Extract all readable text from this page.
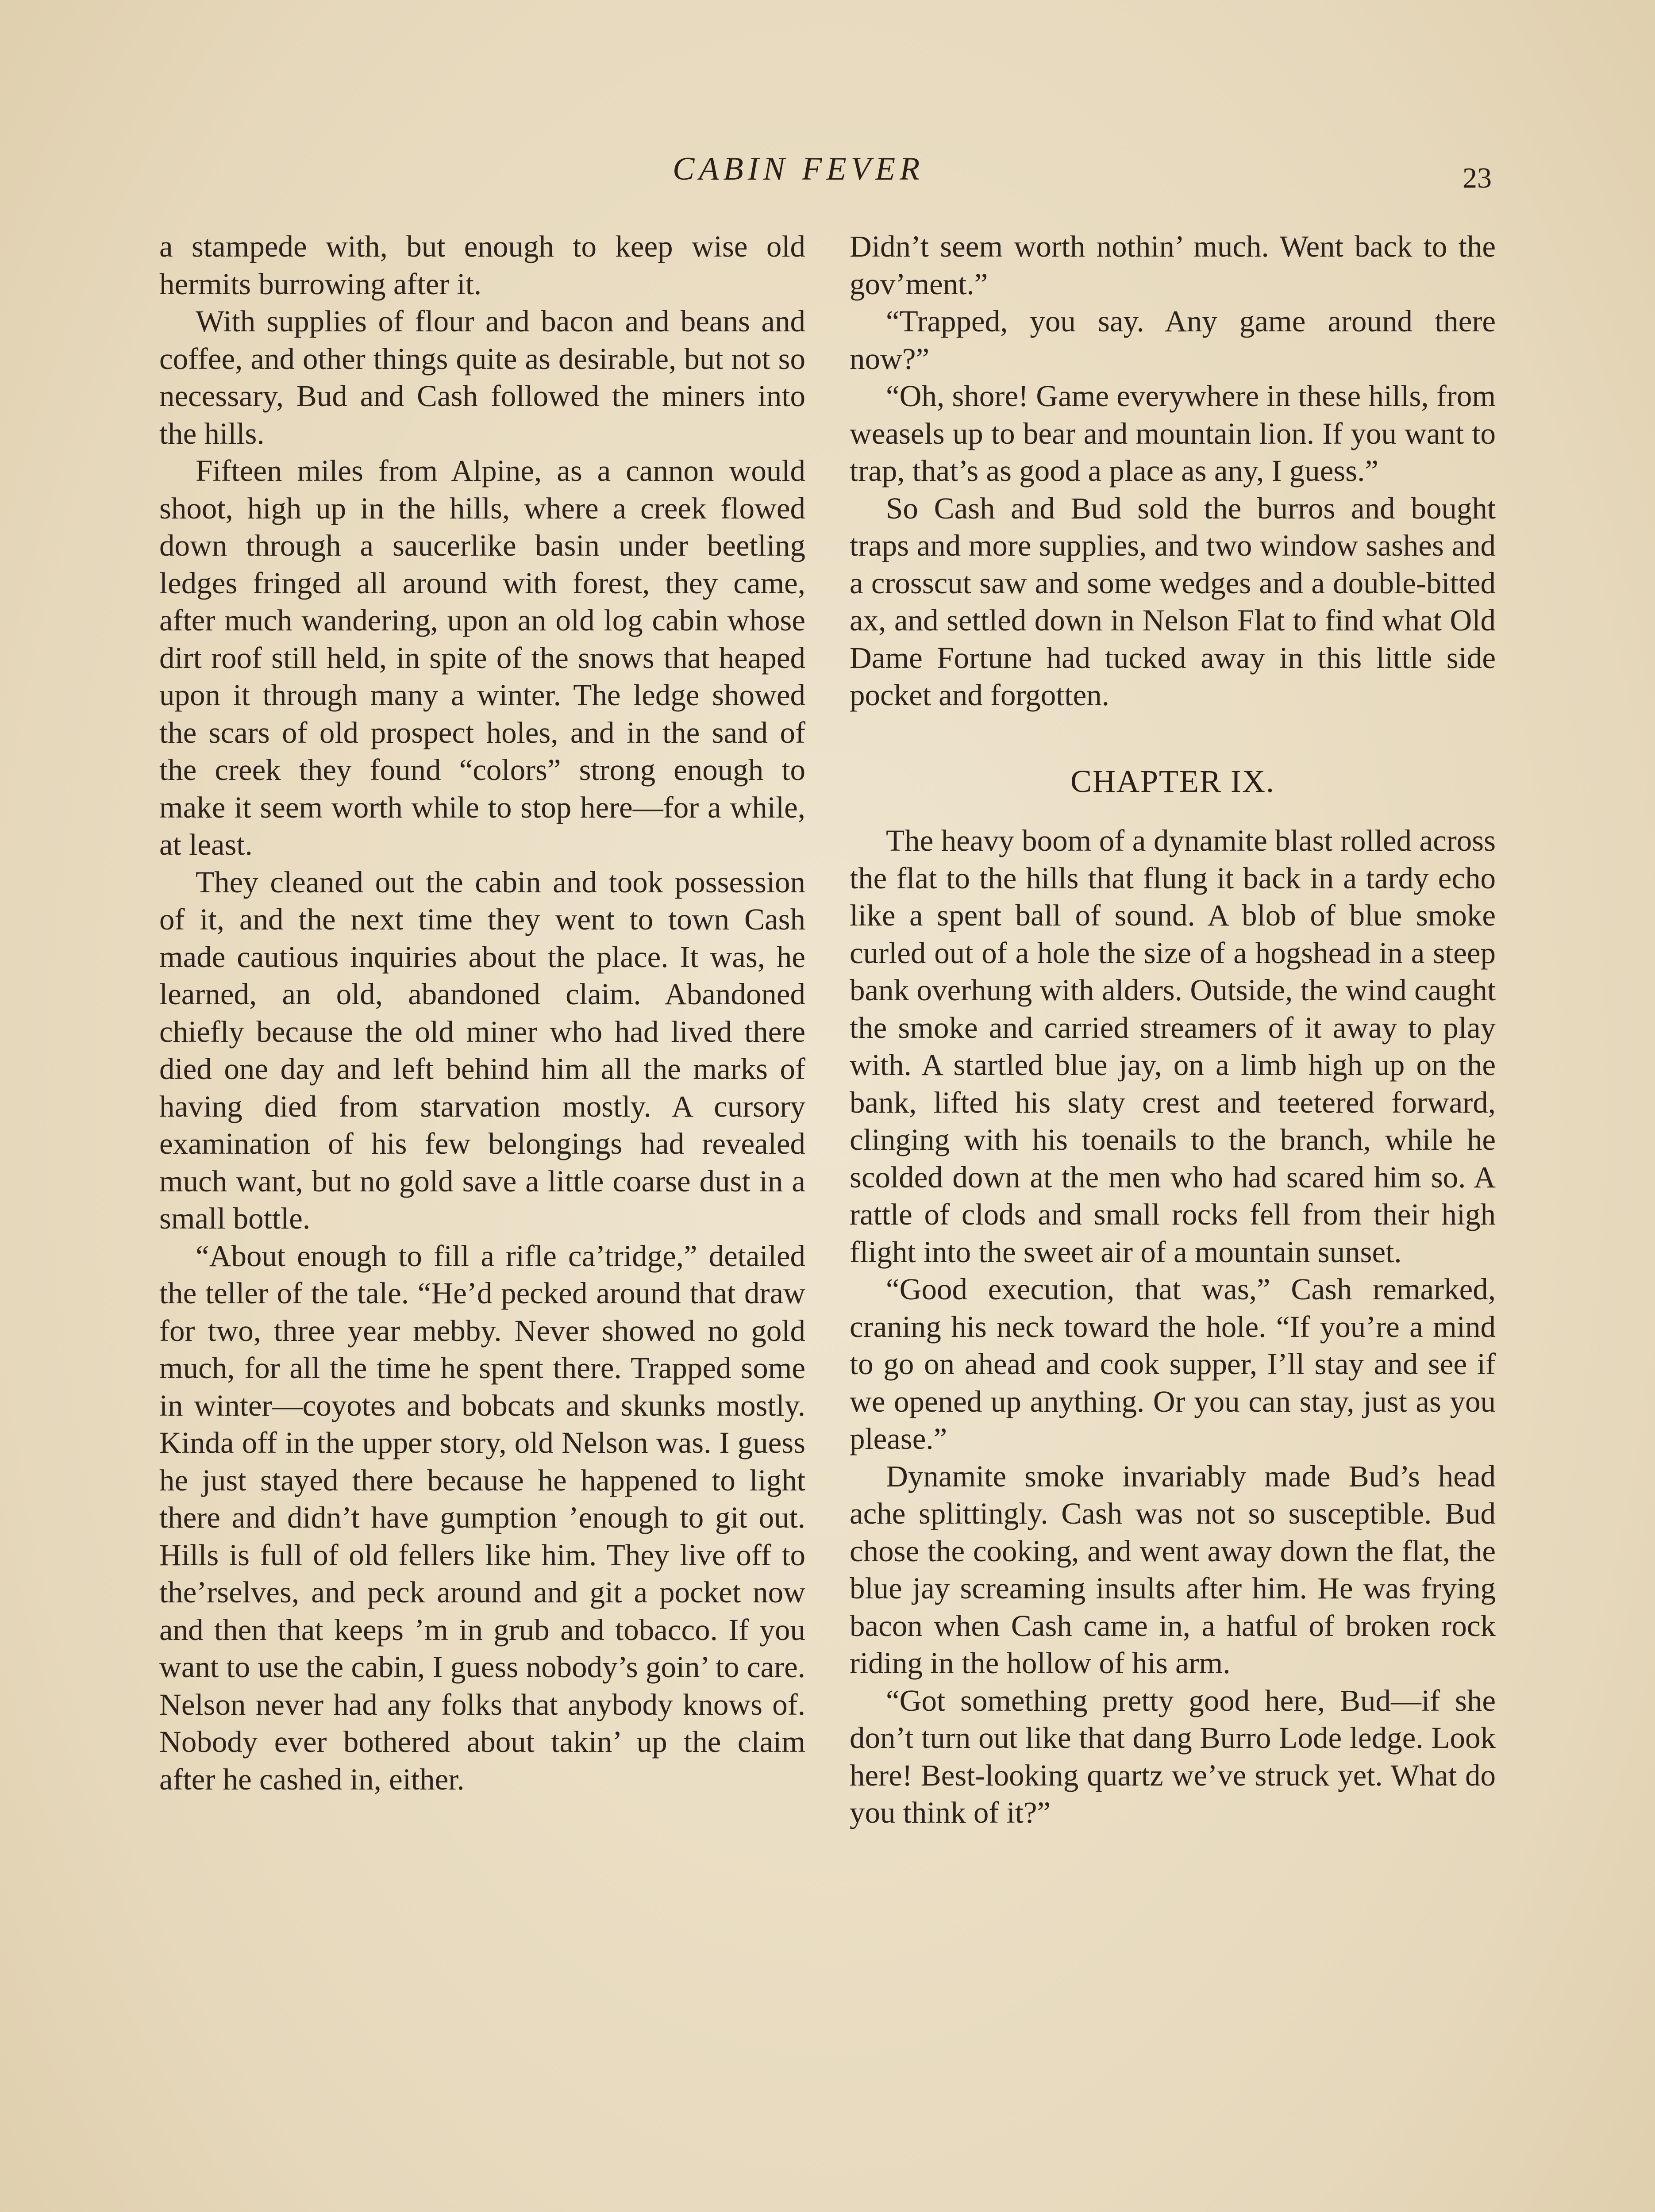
CABIN FEVER	23

a stampede with, but enough to keep wise old hermits burrowing after it.

With supplies of flour and bacon and beans and coffee, and other things quite as desirable, but not so necessary, Bud and Cash followed the miners into the hills.

Fifteen miles from Alpine, as a cannon would shoot, high up in the hills, where a creek flowed down through a saucerlike basin under beetling ledges fringed all around with forest, they came, after much wandering, upon an old log cabin whose dirt roof still held, in spite of the snows that heaped upon it through many a winter. The ledge showed the scars of old prospect holes, and in the sand of the creek they found “colors” strong enough to make it seem worth while to stop here—for a while, at least.

They cleaned out the cabin and took possession of it, and the next time they went to town Cash made cautious inquiries about the place. It was, he learned, an old, abandoned claim. Abandoned chiefly because the old miner who had lived there died one day and left behind him all the marks of having died from starvation mostly. A cursory examination of his few belongings had revealed much want, but no gold save a little coarse dust in a small bottle.

“About enough to fill a rifle ca’tridge,” detailed the teller of the tale. “He’d pecked around that draw for two, three year mebby. Never showed no gold much, for all the time he spent there. Trapped some in winter—coyotes and bobcats and skunks mostly. Kinda off in the upper story, old Nelson was. I guess he just stayed there because he happened to light there and didn’t have gumption ’enough to git out. Hills is full of old fellers like him. They live off to the’rselves, and peck around and git a pocket now and then that keeps ’m in grub and tobacco. If you want to use the cabin, I guess nobody’s goin’ to care. Nelson never had any folks that anybody knows of. Nobody ever bothered about takin’ up the claim after he cashed in, either.

Didn’t seem worth nothin’ much. Went back to the gov’ment.”

“Trapped, you say. Any game around there now?”

“Oh, shore! Game everywhere in these hills, from weasels up to bear and mountain lion. If you want to trap, that’s as good a place as any, I guess.”

So Cash and Bud sold the burros and bought traps and more supplies, and two window sashes and a crosscut saw and some wedges and a double-bitted ax, and settled down in Nelson Flat to find what Old Dame Fortune had tucked away in this little side pocket and forgotten.

CHAPTER IX.

The heavy boom of a dynamite blast rolled across the flat to the hills that flung it back in a tardy echo like a spent ball of sound. A blob of blue smoke curled out of a hole the size of a hogshead in a steep bank overhung with alders. Outside, the wind caught the smoke and carried streamers of it away to play with. A startled blue jay, on a limb high up on the bank, lifted his slaty crest and teetered forward, clinging with his toenails to the branch, while he scolded down at the men who had scared him so. A rattle of clods and small rocks fell from their high flight into the sweet air of a mountain sunset.

“Good execution, that was,” Cash remarked, craning his neck toward the hole. “If you’re a mind to go on ahead and cook supper, I’ll stay and see if we opened up anything. Or you can stay, just as you please.”

Dynamite smoke invariably made Bud’s head ache splittingly. Cash was not so susceptible. Bud chose the cooking, and went away down the flat, the blue jay screaming insults after him. He was frying bacon when Cash came in, a hatful of broken rock riding in the hollow of his arm.

“Got something pretty good here, Bud—if she don’t turn out like that dang Burro Lode ledge. Look here! Best-looking quartz we’ve struck yet. What do you think of it?”
